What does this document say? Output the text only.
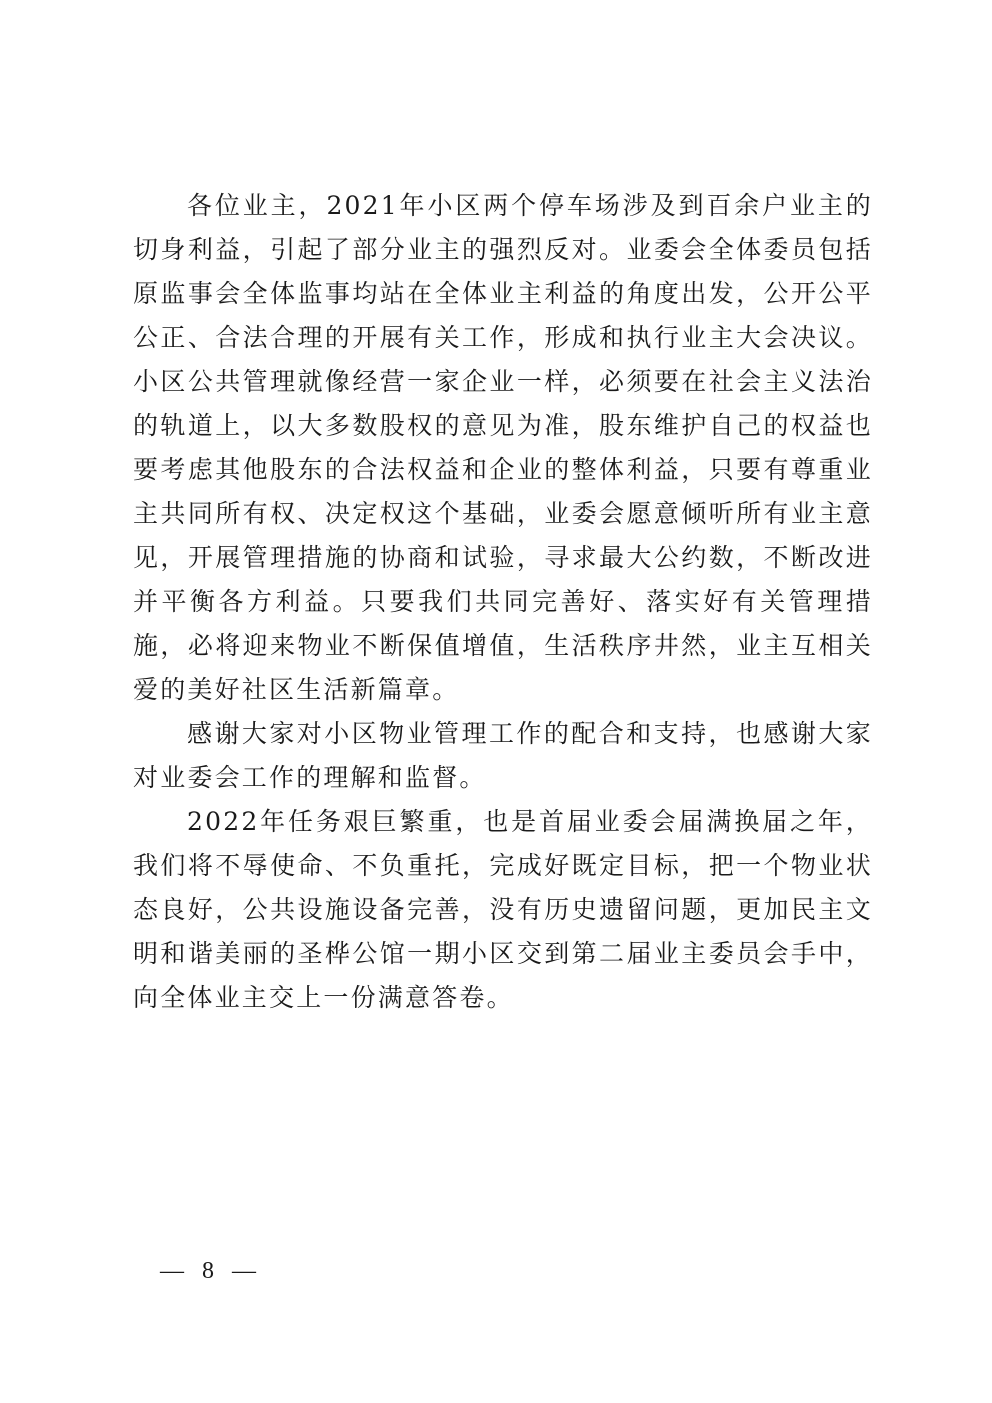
各位业主，2021年小区两个停车场涉及到百余户业主的切身利益，引起了部分业主的强烈反对。业委会全体委员包括原监事会全体监事均站在全体业主利益的角度出发，公开公平公正、合法合理的开展有关工作，形成和执行业主大会决议。小区公共管理就像经营一家企业一样，必须要在社会主义法治的轨道上，以大多数股权的意见为准，股东维护自己的权益也要考虑其他股东的合法权益和企业的整体利益，只要有尊重业主共同所有权、决定权这个基础，业委会愿意倾听所有业主意见，开展管理措施的协商和试验，寻求最大公约数，不断改进并平衡各方利益。只要我们共同完善好、落实好有关管理措施，必将迎来物业不断保值增值，生活秩序井然，业主互相关爱的美好社区生活新篇章。

感谢大家对小区物业管理工作的配合和支持，也感谢大家对业委会工作的理解和监督。

2022年任务艰巨繁重，也是首届业委会届满换届之年，我们将不辱使命、不负重托，完成好既定目标，把一个物业状态良好，公共设施设备完善，没有历史遗留问题，更加民主文明和谐美丽的圣桦公馆一期小区交到第二届业主委员会手中，向全体业主交上一份满意答卷。

— 8 —
